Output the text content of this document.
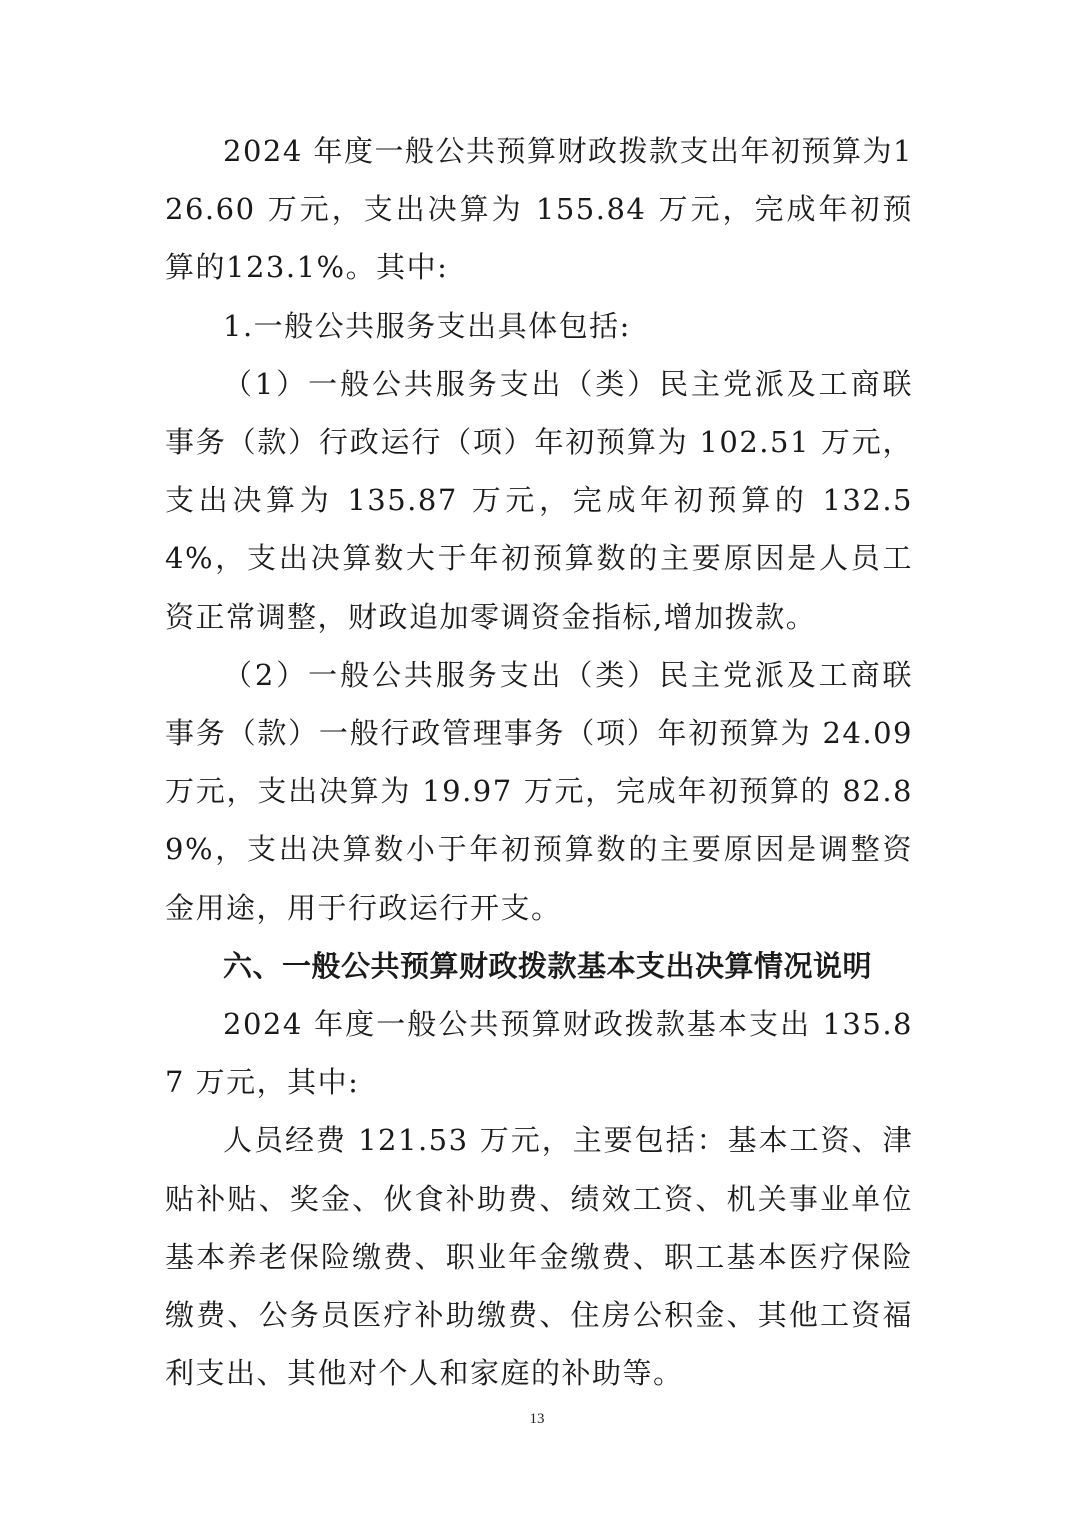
2024 年度一般公共预算财政拨款支出年初预算为126.60 万元，支出决算为 155.84 万元，完成年初预算的123.1%。其中:

1.一般公共服务支出具体包括:

（1）一般公共服务支出（类）民主党派及工商联事务（款）行政运行（项）年初预算为 102.51 万元，支出决算为 135.87 万元，完成年初预算的 132.54%，支出决算数大于年初预算数的主要原因是人员工资正常调整，财政追加零调资金指标,增加拨款。

（2）一般公共服务支出（类）民主党派及工商联事务（款）一般行政管理事务（项）年初预算为 24.09 万元，支出决算为 19.97 万元，完成年初预算的 82.89%，支出决算数小于年初预算数的主要原因是调整资金用途，用于行政运行开支。

六、一般公共预算财政拨款基本支出决算情况说明

2024 年度一般公共预算财政拨款基本支出 135.87 万元，其中:

人员经费 121.53 万元，主要包括：基本工资、津贴补贴、奖金、伙食补助费、绩效工资、机关事业单位基本养老保险缴费、职业年金缴费、职工基本医疗保险缴费、公务员医疗补助缴费、住房公积金、其他工资福利支出、其他对个人和家庭的补助等。

13
